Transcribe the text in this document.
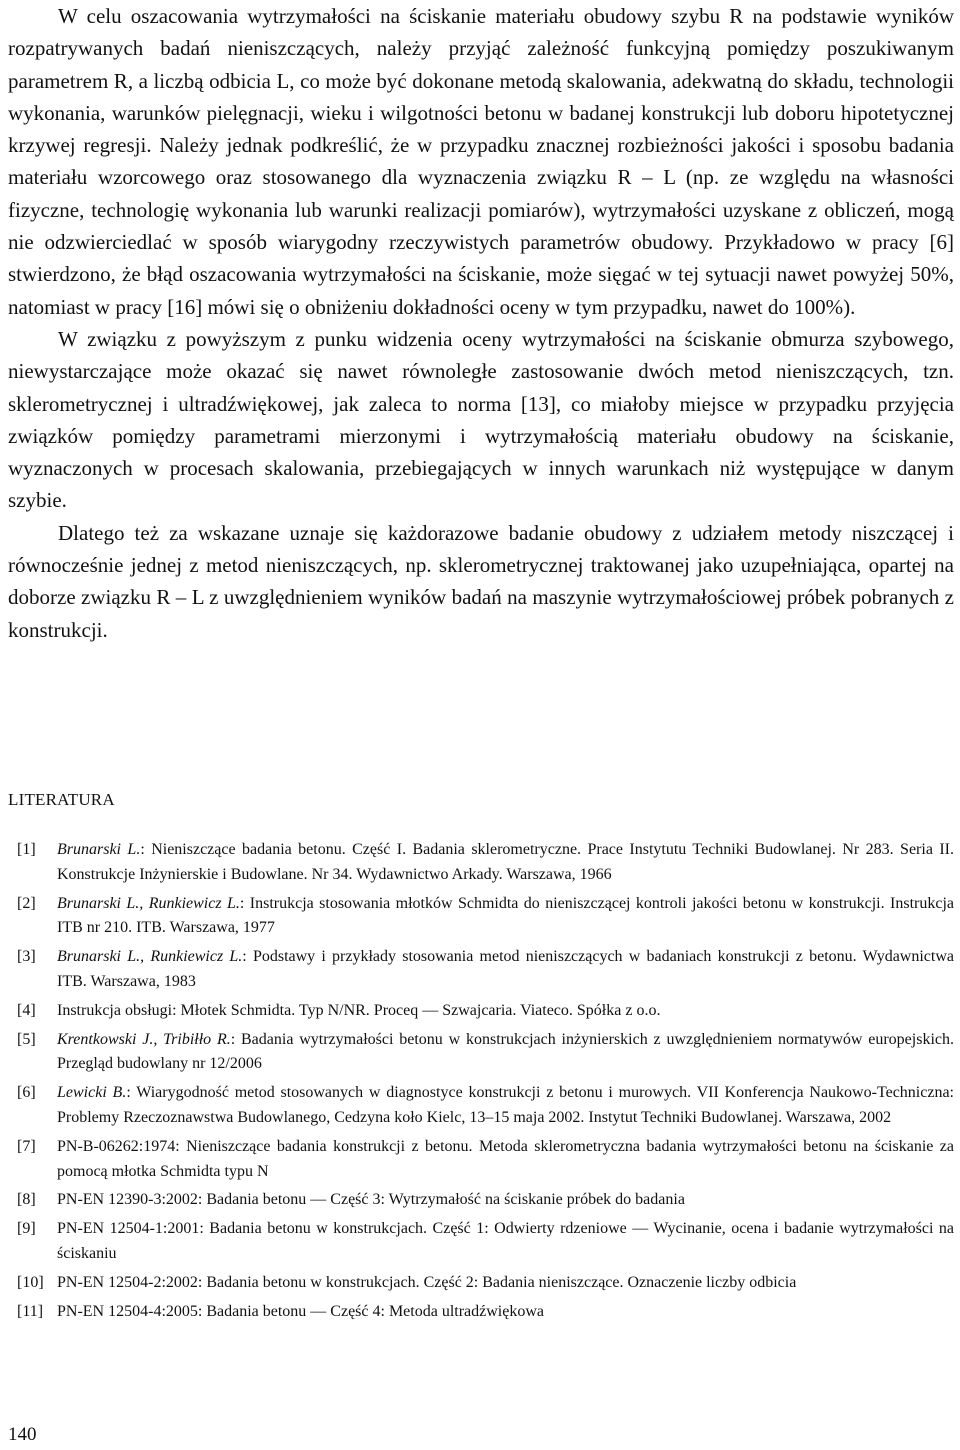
W celu oszacowania wytrzymałości na ściskanie materiału obudowy szybu R na podstawie wyników rozpatrywanych badań nieniszczących, należy przyjąć zależność funkcyjną pomiędzy poszukiwanym parametrem R, a liczbą odbicia L, co może być dokonane metodą skalowania, adekwatną do składu, technologii wykonania, warunków pielęgnacji, wieku i wilgotności betonu w badanej konstrukcji lub doboru hipotetycznej krzywej regresji. Należy jednak podkreślić, że w przypadku znacznej rozbieżności jakości i sposobu badania materiału wzorcowego oraz stosowanego dla wyznaczenia związku R – L (np. ze względu na własności fizyczne, technologię wykonania lub warunki realizacji pomiarów), wytrzymałości uzyskane z obliczeń, mogą nie odzwierciedlać w sposób wiarygodny rzeczywistych parametrów obudowy. Przykładowo w pracy [6] stwierdzono, że błąd oszacowania wytrzymałości na ściskanie, może sięgać w tej sytuacji nawet powyżej 50%, natomiast w pracy [16] mówi się o obniżeniu dokładności oceny w tym przypadku, nawet do 100%).

W związku z powyższym z punku widzenia oceny wytrzymałości na ściskanie obmurza szybowego, niewystarczające może okazać się nawet równoległe zastosowanie dwóch metod nieniszczących, tzn. sklerometrycznej i ultradźwiękowej, jak zaleca to norma [13], co miałoby miejsce w przypadku przyjęcia związków pomiędzy parametrami mierzonymi i wytrzymałością materiału obudowy na ściskanie, wyznaczonych w procesach skalowania, przebiegających w innych warunkach niż występujące w danym szybie.

Dlatego też za wskazane uznaje się każdorazowe badanie obudowy z udziałem metody niszczącej i równocześnie jednej z metod nieniszczących, np. sklerometrycznej traktowanej jako uzupełniająca, opartej na doborze związku R – L z uwzględnieniem wyników badań na maszynie wytrzymałościowej próbek pobranych z konstrukcji.

LITERATURA
[1]	Brunarski L.: Nieniszczące badania betonu. Część I. Badania sklerometryczne. Prace Instytutu Techniki Budowlanej. Nr 283. Seria II. Konstrukcje Inżynierskie i Budowlane. Nr 34. Wydawnictwo Arkady. Warszawa, 1966
[2]	Brunarski L., Runkiewicz L.: Instrukcja stosowania młotków Schmidta do nieniszczącej kontroli jakości betonu w konstrukcji. Instrukcja ITB nr 210. ITB. Warszawa, 1977
[3]	Brunarski L., Runkiewicz L.: Podstawy i przykłady stosowania metod nieniszczących w badaniach konstrukcji z betonu. Wydawnictwa ITB. Warszawa, 1983
[4]	Instrukcja obsługi: Młotek Schmidta. Typ N/NR. Proceq — Szwajcaria. Viateco. Spółka z o.o.
[5]	Krentkowski J., Tribiłło R.: Badania wytrzymałości betonu w konstrukcjach inżynierskich z uwzględnieniem normatywów europejskich. Przegląd budowlany nr 12/2006
[6]	Lewicki B.: Wiarygodność metod stosowanych w diagnostyce konstrukcji z betonu i murowych. VII Konferencja Naukowo-Techniczna: Problemy Rzeczoznawstwa Budowlanego, Cedzyna koło Kielc, 13–15 maja 2002. Instytut Techniki Budowlanej. Warszawa, 2002
[7]	PN-B-06262:1974: Nieniszczące badania konstrukcji z betonu. Metoda sklerometryczna badania wytrzymałości betonu na ściskanie za pomocą młotka Schmidta typu N
[8]	PN-EN 12390-3:2002: Badania betonu — Część 3: Wytrzymałość na ściskanie próbek do badania
[9]	PN-EN 12504-1:2001: Badania betonu w konstrukcjach. Część 1: Odwierty rdzeniowe — Wycinanie, ocena i badanie wytrzymałości na ściskaniu
[10] PN-EN 12504-2:2002: Badania betonu w konstrukcjach. Część 2: Badania nieniszczące. Oznaczenie liczby odbicia
[11] PN-EN 12504-4:2005: Badania betonu — Część 4: Metoda ultradźwiękowa
140
